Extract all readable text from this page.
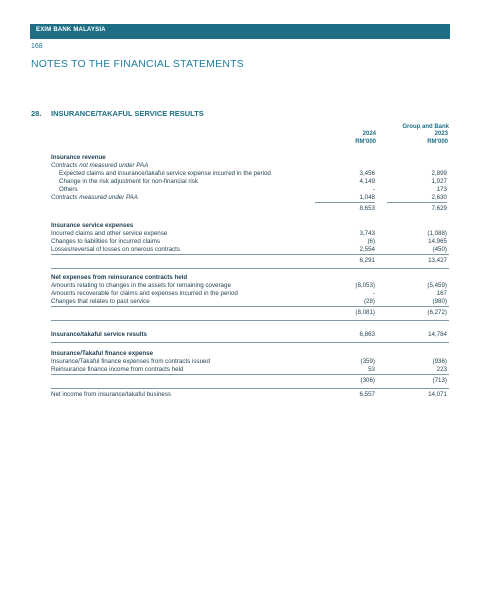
EXIM BANK MALAYSIA
168
NOTES TO THE FINANCIAL STATEMENTS
28. INSURANCE/TAKAFUL SERVICE RESULTS
Group and Bank
2024	2023
RM'000	RM'000
Insurance revenue
Contracts not measured under PAA
Expected claims and insurance/takaful service expense incurred in the period	3,456	2,899
Change in the risk adjustment for non-financial risk	4,149	1,927
Others	-	173
Contracts measured under PAA	1,048	2,630
8,653	7,629
Insurance service expenses
Incurred claims and other service expense	3,743	(1,088)
Changes to liabilities for incurred claims	(6)	14,965
Losses/reversal of losses on onerous contracts	2,554	(450)
6,291	13,427
Net expenses from reinsurance contracts held
Amounts relating to changes in the assets for remaining coverage	(8,053)	(5,459)
Amounts recoverable for claims and expenses incurred in the period	-	167
Changes that relates to past service	(28)	(980)
(8,081)	(6,272)
Insurance/takaful service results	6,863	14,784
Insurance/Takaful finance expense
Insurance/Takaful finance expenses from contracts issued	(359)	(936)
Reinsurance finance income from contracts held	53	223
(306)	(713)
Net income from insurance/takaful business	6,557	14,071
